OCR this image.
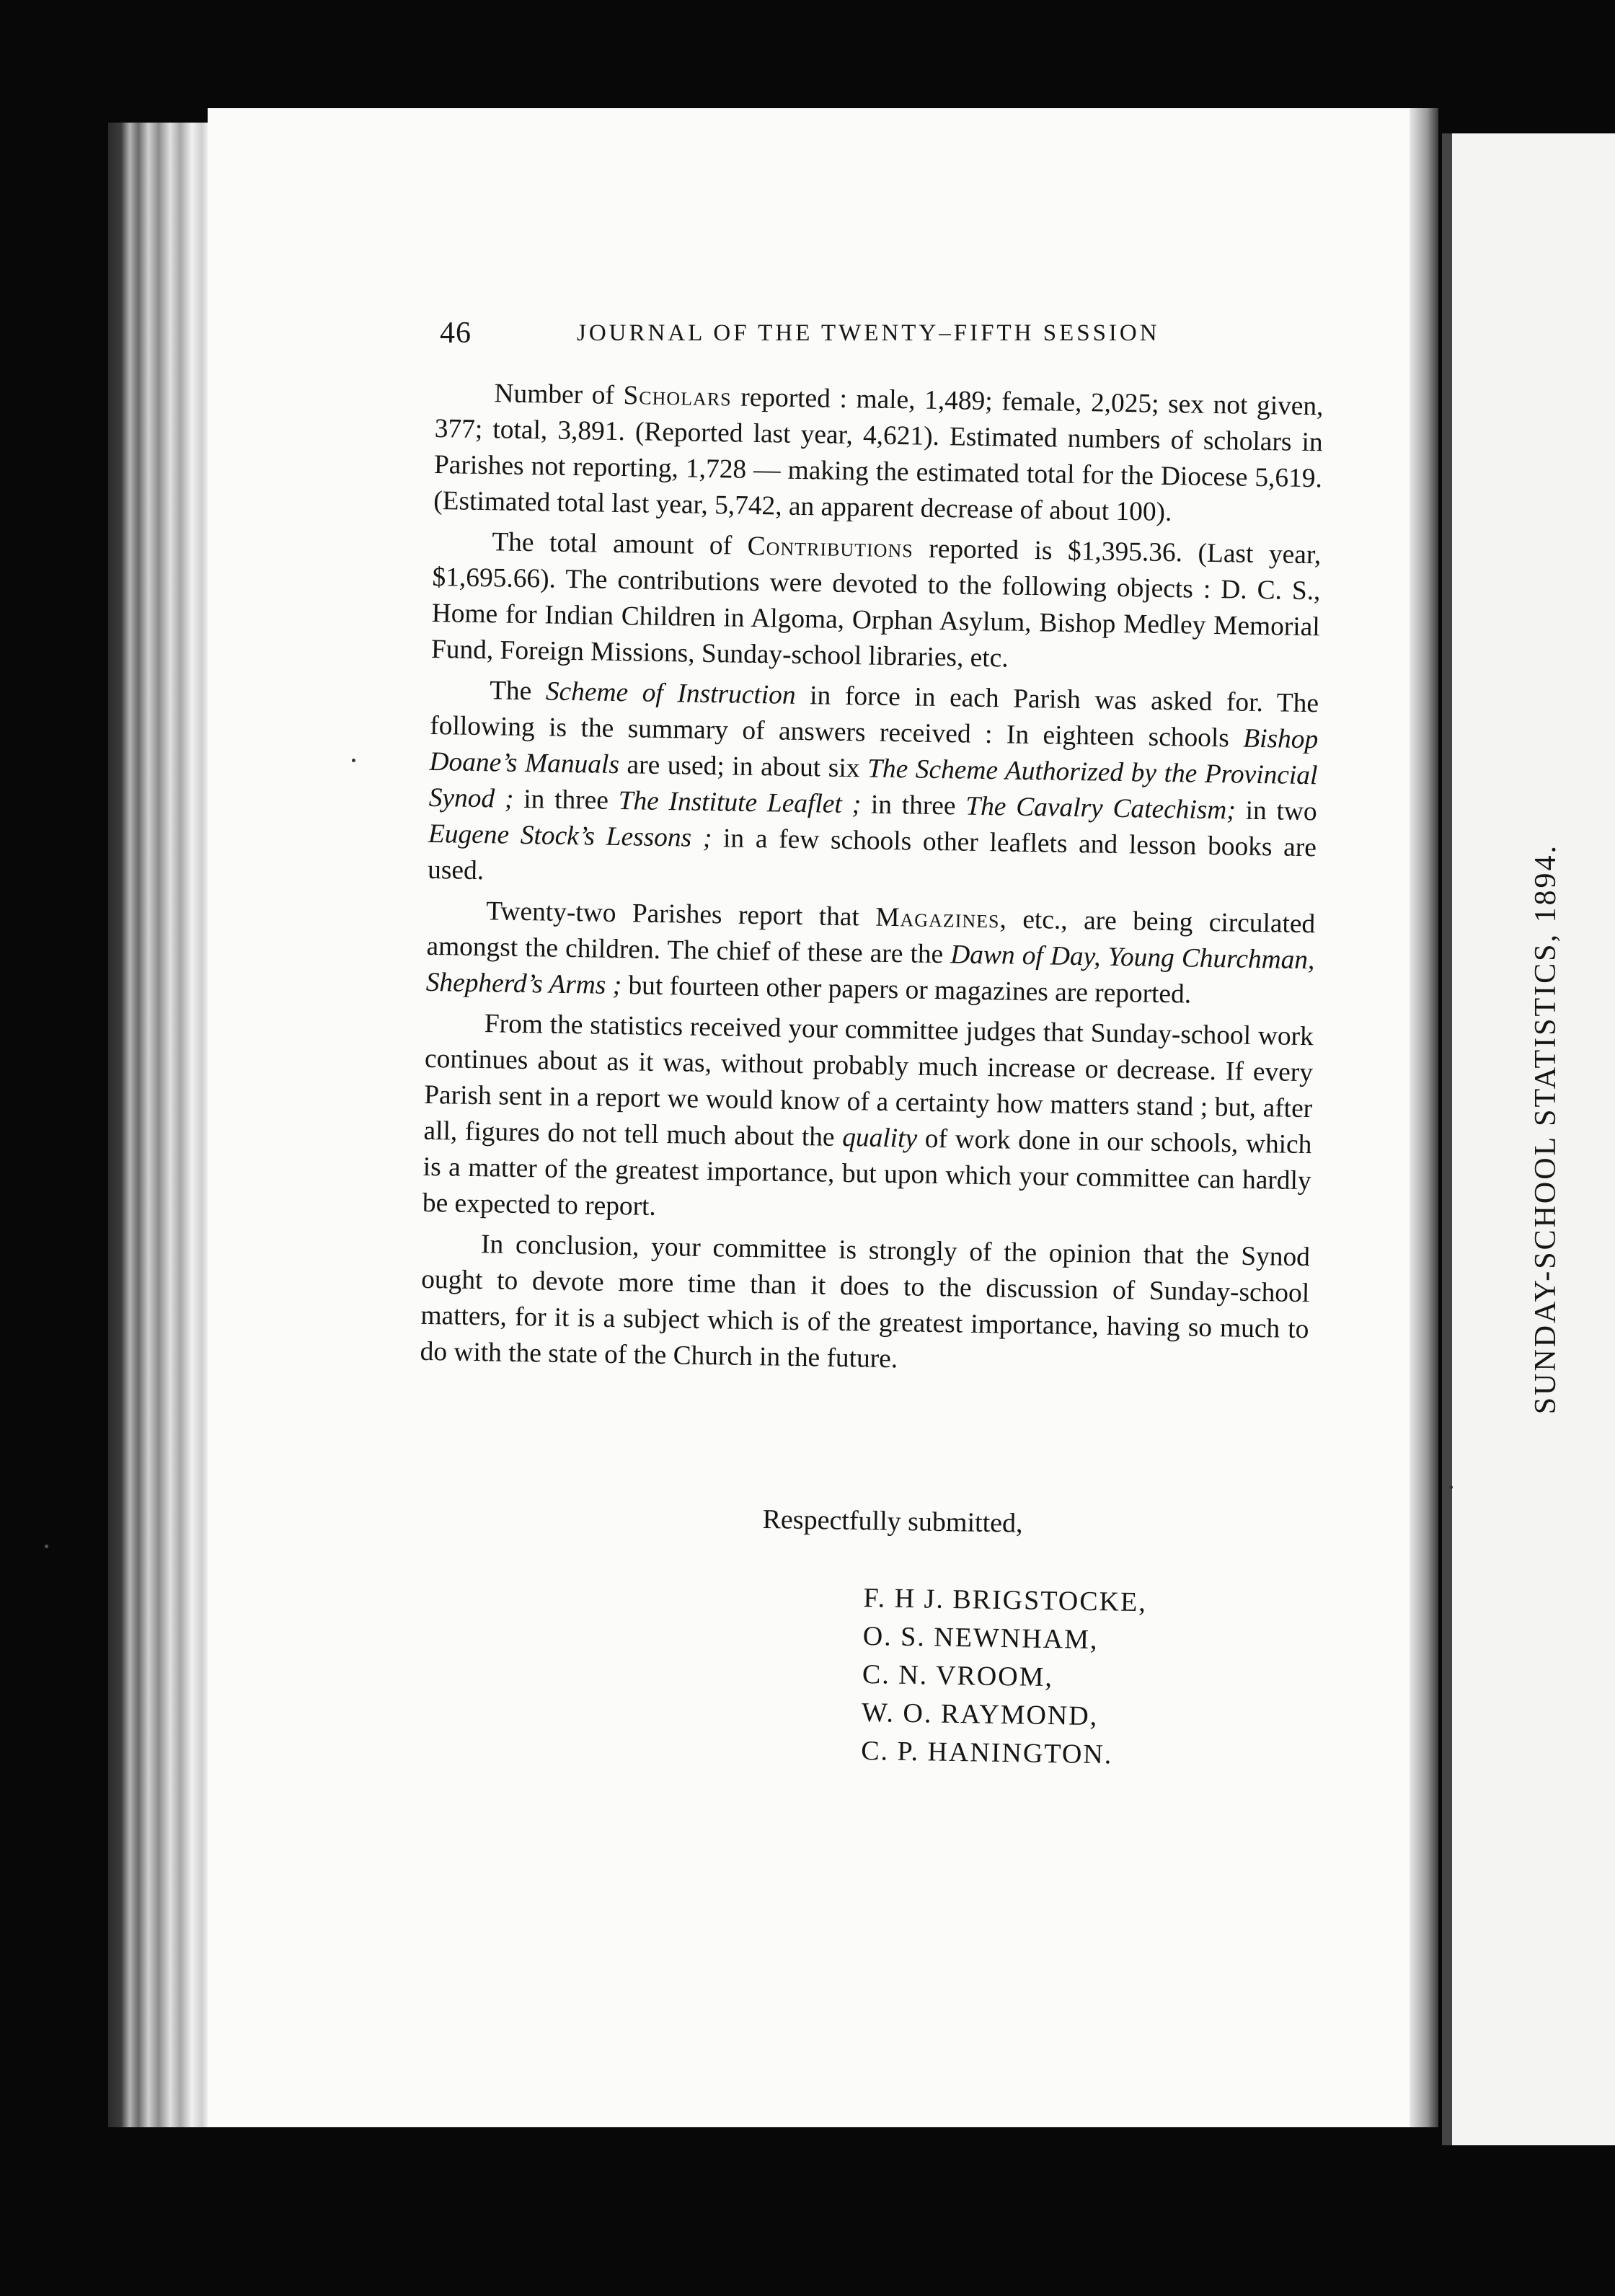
46	JOURNAL OF THE TWENTY–FIFTH SESSION

Number of Scholars reported : male, 1,489; female, 2,025; sex not given, 377; total, 3,891. (Reported last year, 4,621). Estimated numbers of scholars in Parishes not reporting, 1,728 — making the estimated total for the Diocese 5,619. (Estimated total last year, 5,742, an apparent decrease of about 100).

The total amount of Contributions reported is $1,395.36. (Last year, $1,695.66). The contributions were devoted to the following objects : D. C. S., Home for Indian Children in Algoma, Orphan Asylum, Bishop Medley Memorial Fund, Foreign Missions, Sunday-school libraries, etc.

The Scheme of Instruction in force in each Parish was asked for. The following is the summary of answers received : In eighteen schools Bishop Doane’s Manuals are used; in about six The Scheme Authorized by the Provincial Synod ; in three The Institute Leaflet ; in three The Cavalry Catechism; in two Eugene Stock’s Lessons ; in a few schools other leaflets and lesson books are used.

Twenty-two Parishes report that Magazines, etc., are being circulated amongst the children. The chief of these are the Dawn of Day, Young Churchman, Shepherd’s Arms ; but fourteen other papers or magazines are reported.

From the statistics received your committee judges that Sunday-school work continues about as it was, without probably much increase or decrease. If every Parish sent in a report we would know of a certainty how matters stand ; but, after all, figures do not tell much about the quality of work done in our schools, which is a matter of the greatest importance, but upon which your committee can hardly be expected to report.

In conclusion, your committee is strongly of the opinion that the Synod ought to devote more time than it does to the discussion of Sunday-school matters, for it is a subject which is of the greatest importance, having so much to do with the state of the Church in the future.

Respectfully submitted,
F. H J. BRIGSTOCKE,
O. S. NEWNHAM,
C. N. VROOM,
W. O. RAYMOND,
C. P. HANINGTON.
SUNDAY-SCHOOL STATISTICS, 1894.
